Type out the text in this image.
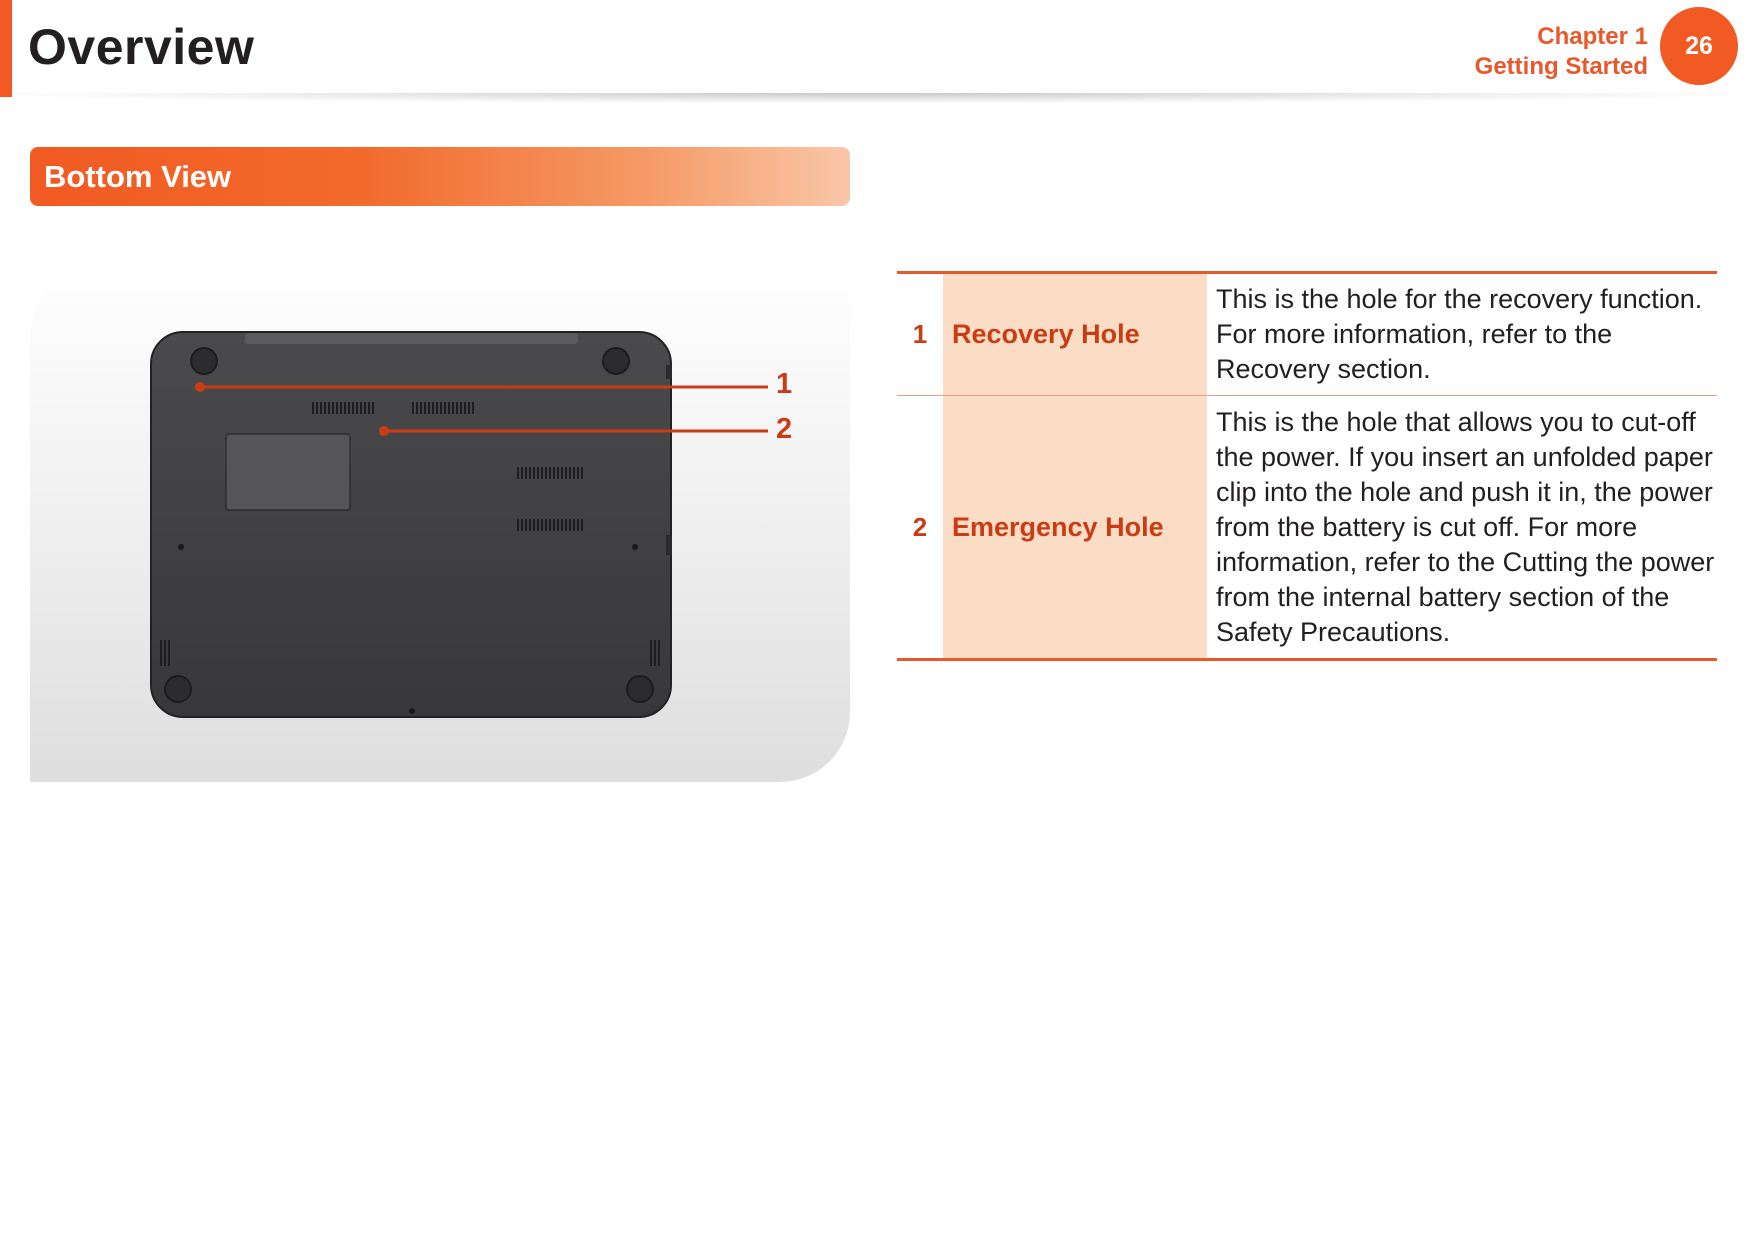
Overview	Chapter 1
Getting Started
26
Bottom View
1
2
1	Recovery Hole	This is the hole for the recovery function. For more information, refer to the Recovery section.

2	Emergency Hole	This is the hole that allows you to cut-off the power. If you insert an unfolded paper clip into the hole and push it in, the power from the battery is cut off. For more information, refer to the Cutting the power from the internal battery section of the Safety Precautions.
